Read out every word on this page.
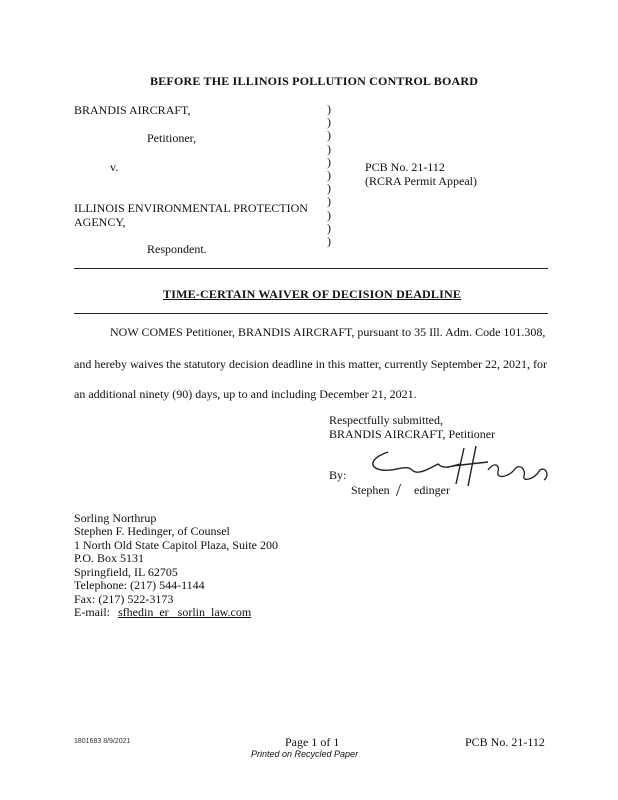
BEFORE THE ILLINOIS POLLUTION CONTROL BOARD
BRANDIS AIRCRAFT,
Petitioner,
v.
ILLINOIS ENVIRONMENTAL PROTECTION
AGENCY,
Respondent.
)
)
)
)
)
)
)
)
)
)
)
PCB No. 21-112
(RCRA Permit Appeal)
TIME-CERTAIN WAIVER OF DECISION DEADLINE
NOW COMES Petitioner, BRANDIS AIRCRAFT, pursuant to 35 Ill. Adm. Code 101.308,
and hereby waives the statutory decision deadline in this matter, currently September 22, 2021, for
an additional ninety (90) days, up to and including December 21, 2021.
Respectfully submitted,
BRANDIS AIRCRAFT, Petitioner
By:
Stephen edinger
Sorling Northrup
Stephen F. Hedinger, of Counsel
1 North Old State Capitol Plaza, Suite 200
P.O. Box 5131
Springfield, IL 62705
Telephone: (217) 544-1144
Fax: (217) 522-3173
E-mail: sfhedin  er   sorlin  law.com
1801683 8/9/2021	Page 1 of 1
Printed on Recycled Paper
PCB No. 21-112
